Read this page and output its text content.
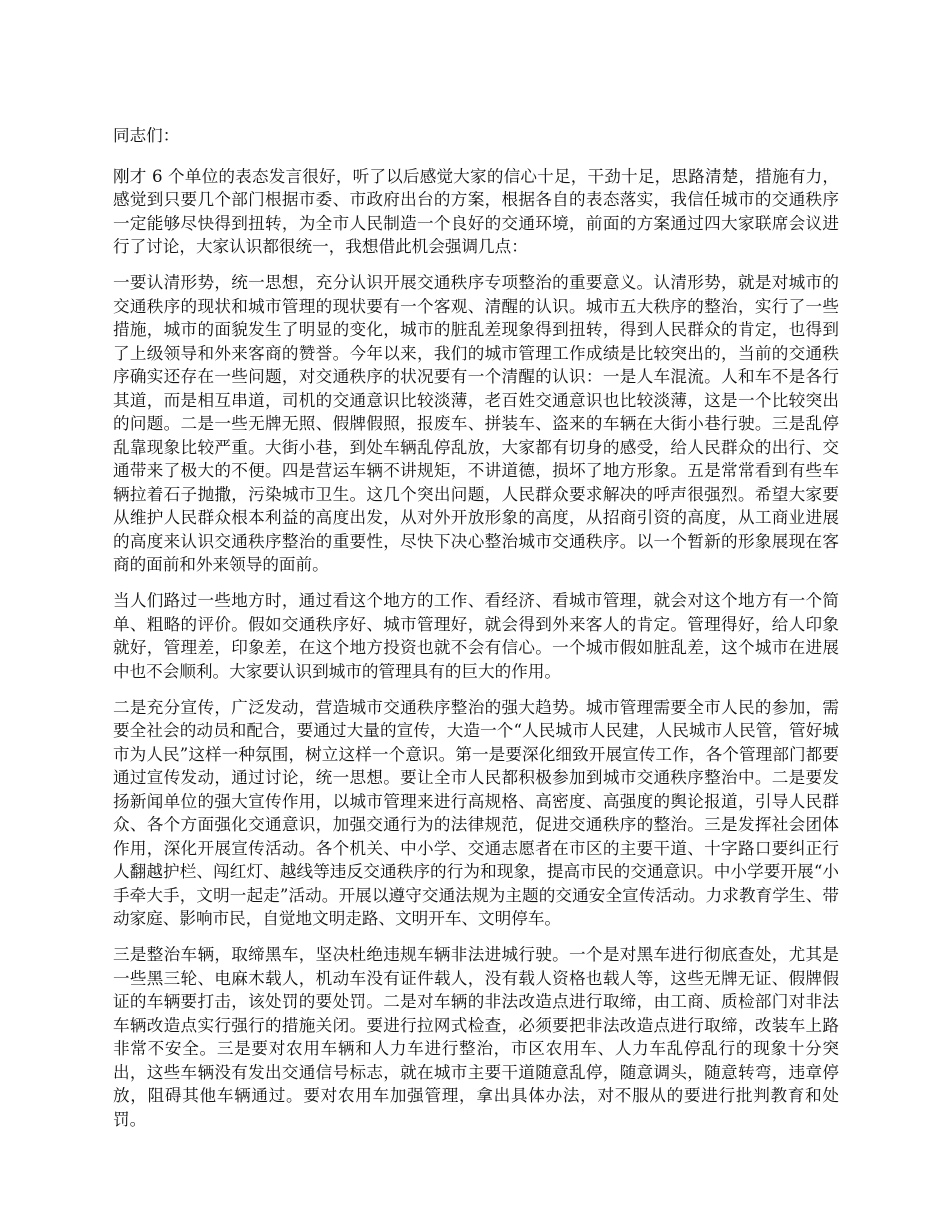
同志们：

刚才 6 个单位的表态发言很好，听了以后感觉大家的信心十足，干劲十足，思路清楚，措施有力，感觉到只要几个部门根据市委、市政府出台的方案，根据各自的表态落实，我信任城市的交通秩序一定能够尽快得到扭转，为全市人民制造一个良好的交通环境，前面的方案通过四大家联席会议进行了讨论，大家认识都很统一，我想借此机会强调几点：

一要认清形势，统一思想，充分认识开展交通秩序专项整治的重要意义。认清形势，就是对城市的交通秩序的现状和城市管理的现状要有一个客观、清醒的认识。城市五大秩序的整治，实行了一些措施，城市的面貌发生了明显的变化，城市的脏乱差现象得到扭转，得到人民群众的肯定，也得到了上级领导和外来客商的赞誉。今年以来，我们的城市管理工作成绩是比较突出的，当前的交通秩序确实还存在一些问题，对交通秩序的状况要有一个清醒的认识：一是人车混流。人和车不是各行其道，而是相互串道，司机的交通意识比较淡薄，老百姓交通意识也比较淡薄，这是一个比较突出的问题。二是一些无牌无照、假牌假照，报废车、拼装车、盗来的车辆在大街小巷行驶。三是乱停乱靠现象比较严重。大街小巷，到处车辆乱停乱放，大家都有切身的感受，给人民群众的出行、交通带来了极大的不便。四是营运车辆不讲规矩，不讲道德，损坏了地方形象。五是常常看到有些车辆拉着石子抛撒，污染城市卫生。这几个突出问题，人民群众要求解决的呼声很强烈。希望大家要从维护人民群众根本利益的高度出发，从对外开放形象的高度，从招商引资的高度，从工商业进展的高度来认识交通秩序整治的重要性，尽快下决心整治城市交通秩序。以一个暂新的形象展现在客商的面前和外来领导的面前。

当人们路过一些地方时，通过看这个地方的工作、看经济、看城市管理，就会对这个地方有一个简单、粗略的评价。假如交通秩序好、城市管理好，就会得到外来客人的肯定。管理得好，给人印象就好，管理差，印象差，在这个地方投资也就不会有信心。一个城市假如脏乱差，这个城市在进展中也不会顺利。大家要认识到城市的管理具有的巨大的作用。

二是充分宣传，广泛发动，营造城市交通秩序整治的强大趋势。城市管理需要全市人民的参加，需要全社会的动员和配合，要通过大量的宣传，大造一个“人民城市人民建，人民城市人民管，管好城市为人民”这样一种氛围，树立这样一个意识。第一是要深化细致开展宣传工作，各个管理部门都要通过宣传发动，通过讨论，统一思想。要让全市人民都积极参加到城市交通秩序整治中。二是要发扬新闻单位的强大宣传作用，以城市管理来进行高规格、高密度、高强度的舆论报道，引导人民群众、各个方面强化交通意识，加强交通行为的法律规范，促进交通秩序的整治。三是发挥社会团体作用，深化开展宣传活动。各个机关、中小学、交通志愿者在市区的主要干道、十字路口要纠正行人翻越护栏、闯红灯、越线等违反交通秩序的行为和现象，提高市民的交通意识。中小学要开展“小手牵大手，文明一起走”活动。开展以遵守交通法规为主题的交通安全宣传活动。力求教育学生、带动家庭、影响市民，自觉地文明走路、文明开车、文明停车。

三是整治车辆，取缔黑车，坚决杜绝违规车辆非法进城行驶。一个是对黑车进行彻底查处，尤其是一些黑三轮、电麻木载人，机动车没有证件载人，没有载人资格也载人等，这些无牌无证、假牌假证的车辆要打击，该处罚的要处罚。二是对车辆的非法改造点进行取缔，由工商、质检部门对非法车辆改造点实行强行的措施关闭。要进行拉网式检查，必须要把非法改造点进行取缔，改装车上路非常不安全。三是要对农用车辆和人力车进行整治，市区农用车、人力车乱停乱行的现象十分突出，这些车辆没有发出交通信号标志，就在城市主要干道随意乱停，随意调头，随意转弯，违章停放，阻碍其他车辆通过。要对农用车加强管理，拿出具体办法，对不服从的要进行批判教育和处罚。
